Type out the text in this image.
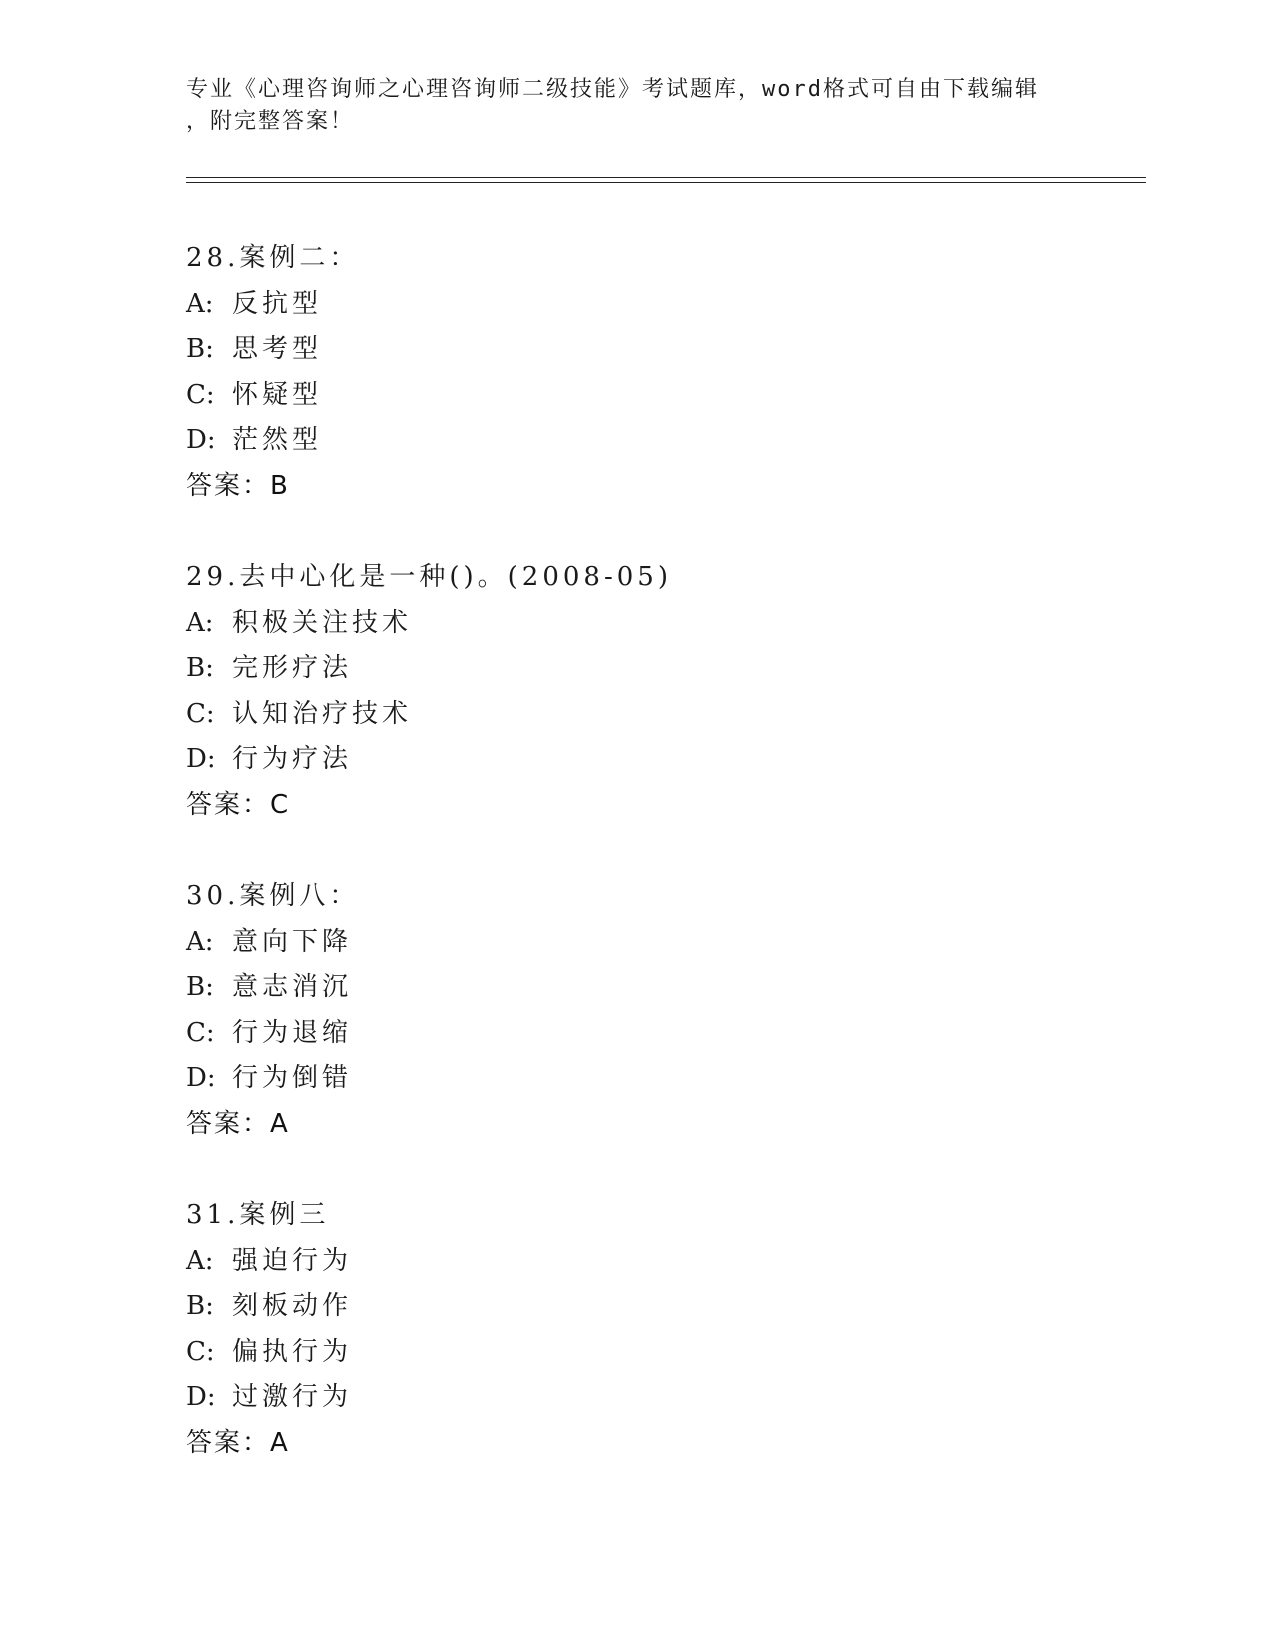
专业《心理咨询师之心理咨询师二级技能》考试题库，word格式可自由下载编辑
，附完整答案！
28.案例二：
A: 反抗型
B: 思考型
C: 怀疑型
D: 茫然型
答案：B
29.去中心化是一种()。(2008-05)
A: 积极关注技术
B: 完形疗法
C: 认知治疗技术
D: 行为疗法
答案：C
30.案例八：
A: 意向下降
B: 意志消沉
C: 行为退缩
D: 行为倒错
答案：A
31.案例三
A: 强迫行为
B: 刻板动作
C: 偏执行为
D: 过激行为
答案：A
